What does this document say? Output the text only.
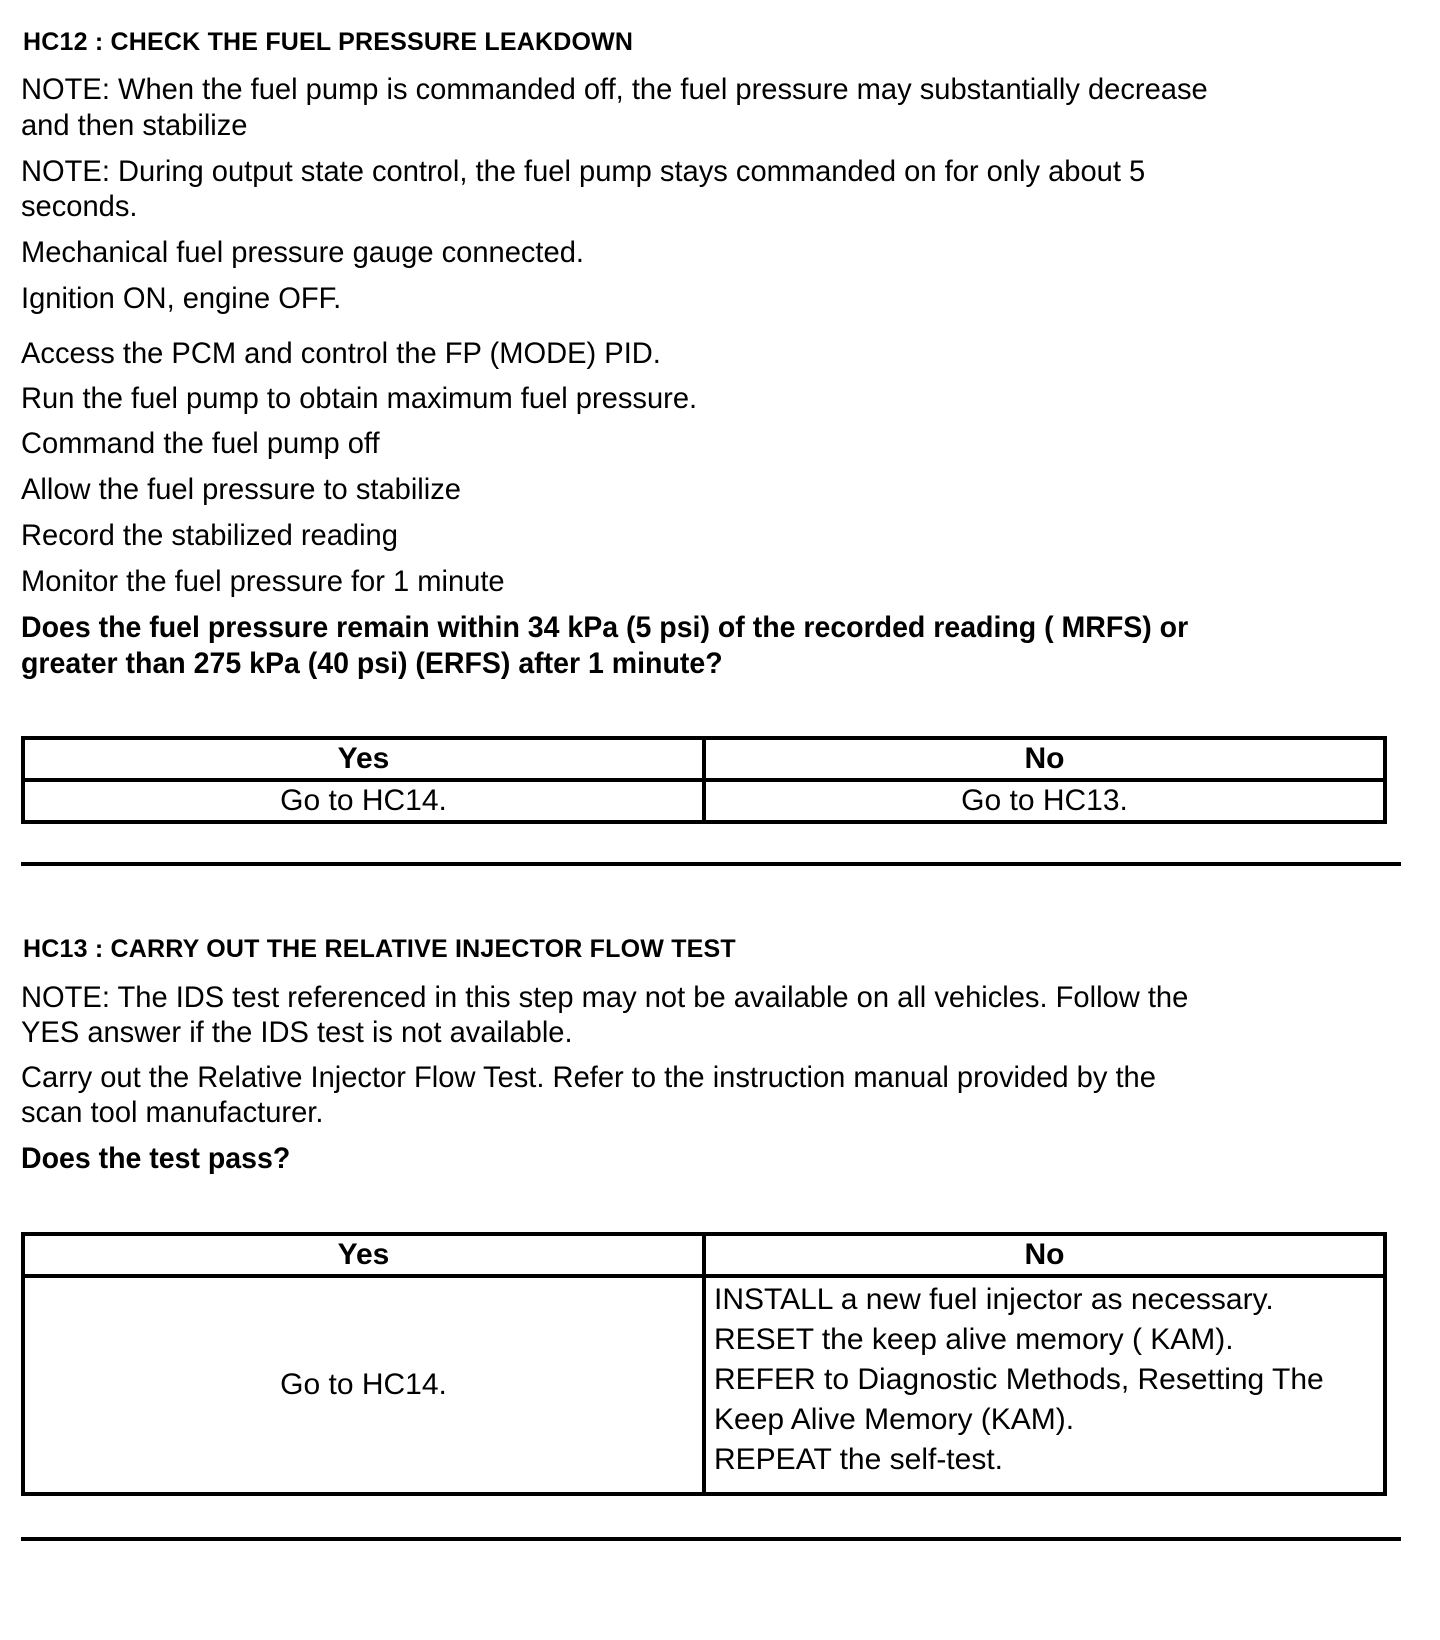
HC12 : CHECK THE FUEL PRESSURE LEAKDOWN
NOTE: When the fuel pump is commanded off, the fuel pressure may substantially decrease
and then stabilize
NOTE: During output state control, the fuel pump stays commanded on for only about 5
seconds.
Mechanical fuel pressure gauge connected.
Ignition ON, engine OFF.
Access the PCM and control the FP (MODE) PID.
Run the fuel pump to obtain maximum fuel pressure.
Command the fuel pump off
Allow the fuel pressure to stabilize
Record the stabilized reading
Monitor the fuel pressure for 1 minute
Does the fuel pressure remain within 34 kPa (5 psi) of the recorded reading ( MRFS) or
greater than 275 kPa (40 psi) (ERFS) after 1 minute?
Yes	No
Go to HC14.	Go to HC13.
HC13 : CARRY OUT THE RELATIVE INJECTOR FLOW TEST
NOTE: The IDS test referenced in this step may not be available on all vehicles. Follow the
YES answer if the IDS test is not available.
Carry out the Relative Injector Flow Test. Refer to the instruction manual provided by the
scan tool manufacturer.
Does the test pass?
Yes	No
Go to HC14.	INSTALL a new fuel injector as necessary.
RESET the keep alive memory ( KAM).
REFER to Diagnostic Methods, Resetting The
Keep Alive Memory (KAM).
REPEAT the self-test.
